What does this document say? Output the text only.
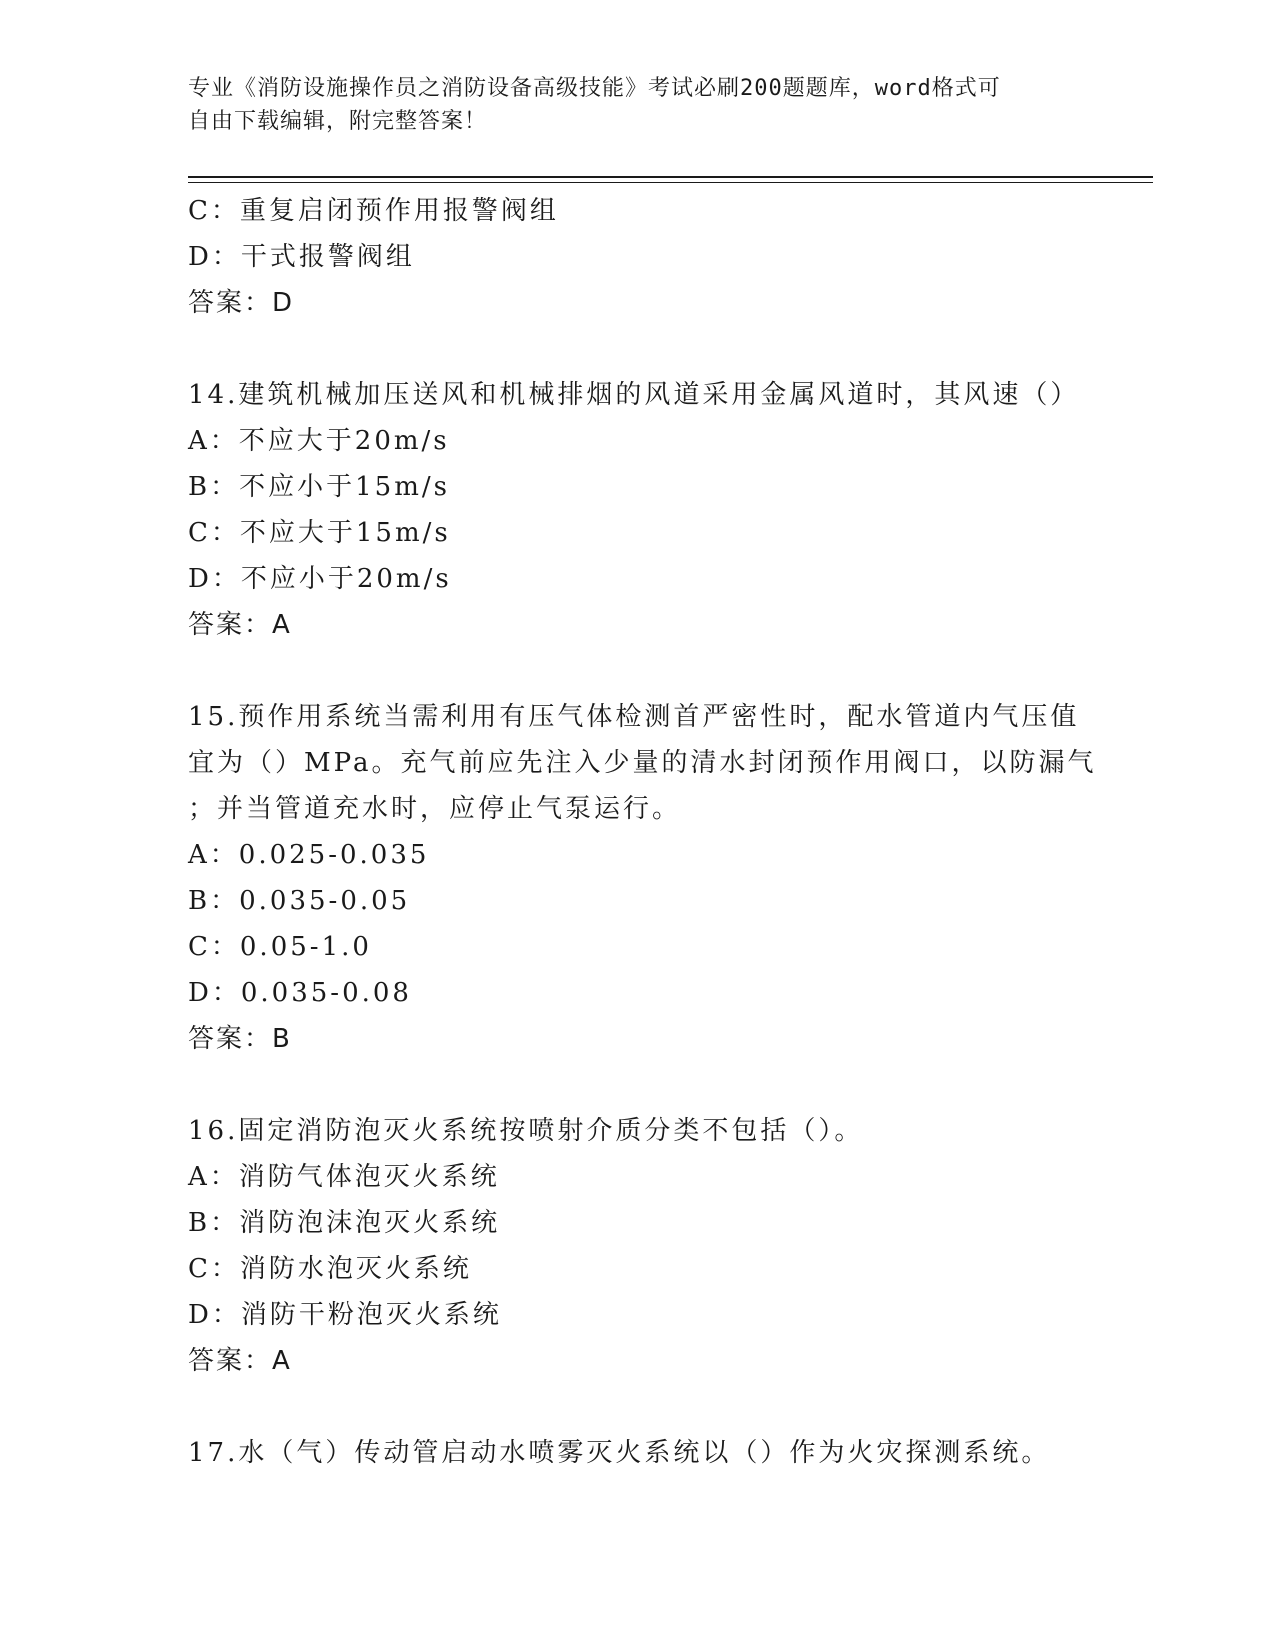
专业《消防设施操作员之消防设备高级技能》考试必刷200题题库，word格式可
自由下载编辑，附完整答案！
C：重复启闭预作用报警阀组
D：干式报警阀组
答案：D
14.建筑机械加压送风和机械排烟的风道采用金属风道时，其风速（）
A：不应大于20m/s
B：不应小于15m/s
C：不应大于15m/s
D：不应小于20m/s
答案：A
15.预作用系统当需利用有压气体检测首严密性时，配水管道内气压值
宜为（）MPa。充气前应先注入少量的清水封闭预作用阀口，以防漏气
；并当管道充水时，应停止气泵运行。
A：0.025-0.035
B：0.035-0.05
C：0.05-1.0
D：0.035-0.08
答案：B
16.固定消防泡灭火系统按喷射介质分类不包括（）。
A：消防气体泡灭火系统
B：消防泡沫泡灭火系统
C：消防水泡灭火系统
D：消防干粉泡灭火系统
答案：A
17.水（气）传动管启动水喷雾灭火系统以（）作为火灾探测系统。
